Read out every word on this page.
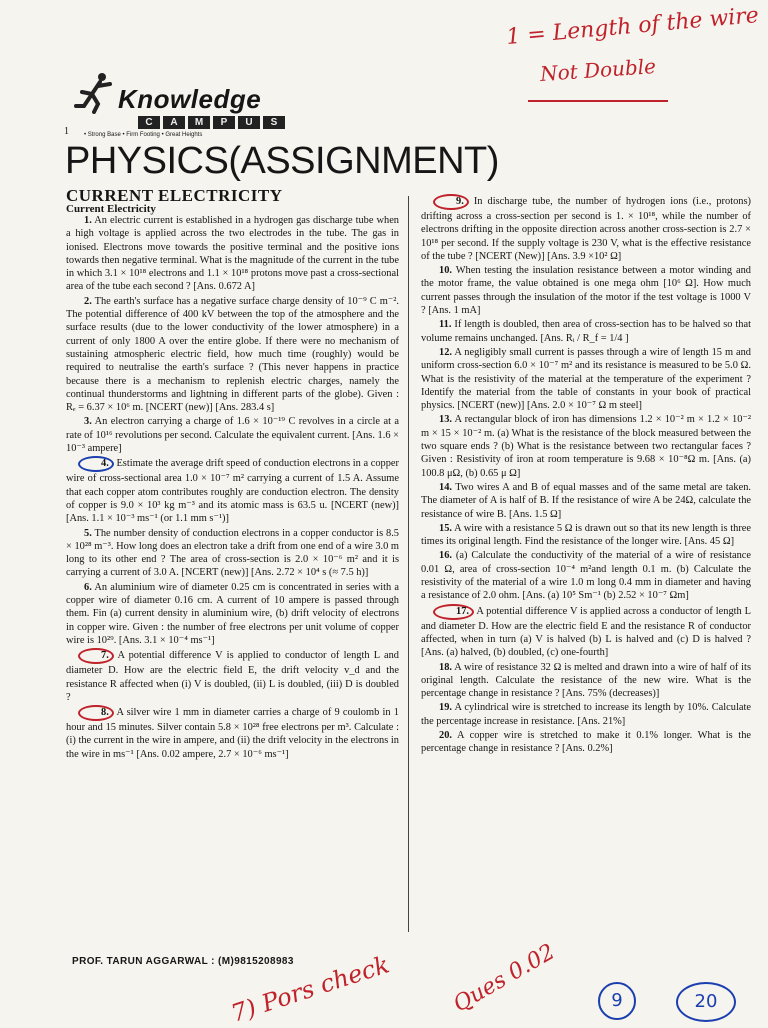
1 = Length of the wire
Not Double
Knowledge
C	A	M	P	U	S
• Strong Base • Firm Footing • Great Heights
1
PHYSICS(ASSIGNMENT)
CURRENT ELECTRICITY
Current Electricity

1. An electric current is established in a hydrogen gas discharge tube when a high voltage is applied across the two electrodes in the tube. The gas in ionised. Electrons move towards the positive terminal and the positive ions towards then negative terminal. What is the magnitude of the current in the tube in which 3.1 × 10¹⁸ electrons and 1.1 × 10¹⁸ protons move past a cross-sectional area of the tube each second ? [Ans. 0.672 A]

2. The earth's surface has a negative surface charge density of 10⁻⁹ C m⁻². The potential difference of 400 kV between the top of the atmosphere and the surface results (due to the lower conductivity of the lower atmosphere) in a current of only 1800 A over the entire globe. If there were no mechanism of sustaining atmospheric electric field, how much time (roughly) would be required to neutralise the earth's surface ? (This never happens in practice because there is a mechanism to replenish electric charges, namely the continual thunderstorms and lightning in different parts of the globe). Given : Rₑ = 6.37 × 10⁶ m. [NCERT (new)] [Ans. 283.4 s]

3. An electron carrying a charge of 1.6 × 10⁻¹⁹ C revolves in a circle at a rate of 10¹⁶ revolutions per second. Calculate the equivalent current. [Ans. 1.6 × 10⁻³ ampere]

4. Estimate the average drift speed of conduction electrons in a copper wire of cross-sectional area 1.0 × 10⁻⁷ m² carrying a current of 1.5 A. Assume that each copper atom contributes roughly are conduction electron. The density of copper is 9.0 × 10³ kg m⁻³ and its atomic mass is 63.5 u. [NCERT (new)] [Ans. 1.1 × 10⁻³ ms⁻¹ (or 1.1 mm s⁻¹)]

5. The number density of conduction electrons in a copper conductor is 8.5 × 10²⁸ m⁻³. How long does an electron take a drift from one end of a wire 3.0 m long to its other end ? The area of cross-section is 2.0 × 10⁻⁶ m² and it is carrying a current of 3.0 A. [NCERT (new)] [Ans. 2.72 × 10⁴ s (≈ 7.5 h)]

6. An aluminium wire of diameter 0.25 cm is concentrated in series with a copper wire of diameter 0.16 cm. A current of 10 ampere is passed through them. Fin (a) current density in aluminium wire, (b) drift velocity of electrons in copper wire. Given : the number of free electrons per unit volume of copper wire is 10²⁹. [Ans. 3.1 × 10⁻⁴ ms⁻¹]

7. A potential difference V is applied to conductor of length L and diameter D. How are the electric field E, the drift velocity v_d and the resistance R affected when (i) V is doubled, (ii) L is doubled, (iii) D is doubled ?

8. A silver wire 1 mm in diameter carries a charge of 9 coulomb in 1 hour and 15 minutes. Silver contain 5.8 × 10²⁸ free electrons per m³. Calculate : (i) the current in the wire in ampere, and (ii) the drift velocity in the electrons in the wire in ms⁻¹ [Ans. 0.02 ampere, 2.7 × 10⁻⁶ ms⁻¹]

9. In discharge tube, the number of hydrogen ions (i.e., protons) drifting across a cross-section per second is 1. × 10¹⁸, while the number of electrons drifting in the opposite direction across another cross-section is 2.7 × 10¹⁸ per second. If the supply voltage is 230 V, what is the effective resistance of the tube ? [NCERT (New)] [Ans. 3.9 ×10² Ω]

10. When testing the insulation resistance between a motor winding and the motor frame, the value obtained is one mega ohm [10⁶ Ω]. How much current passes through the insulation of the motor if the test voltage is 1000 V ? [Ans. 1 mA]

11. If length is doubled, then area of cross-section has to be halved so that volume remains unchanged. [Ans. Rᵢ / R_f = 1/4 ]

12. A negligibly small current is passes through a wire of length 15 m and uniform cross-section 6.0 × 10⁻⁷ m² and its resistance is measured to be 5.0 Ω. What is the resistivity of the material at the temperature of the experiment ? Identify the material from the table of constants in your book of practical physics. [NCERT (new)] [Ans. 2.0 × 10⁻⁷ Ω m steel]

13. A rectangular block of iron has dimensions 1.2 × 10⁻² m × 1.2 × 10⁻² m × 15 × 10⁻² m. (a) What is the resistance of the block measured between the two square ends ? (b) What is the resistance between two rectangular faces ? Given : Resistivity of iron at room temperature is 9.68 × 10⁻⁸Ω m. [Ans. (a) 100.8 μΩ, (b) 0.65 μ Ω]

14. Two wires A and B of equal masses and of the same metal are taken. The diameter of A is half of B. If the resistance of wire A be 24Ω, calculate the resistance of wire B. [Ans. 1.5 Ω]

15. A wire with a resistance 5 Ω is drawn out so that its new length is three times its original length. Find the resistance of the longer wire. [Ans. 45 Ω]

16. (a) Calculate the conductivity of the material of a wire of resistance 0.01 Ω, area of cross-section 10⁻⁴ m²and length 0.1 m. (b) Calculate the resistivity of the material of a wire 1.0 m long 0.4 mm in diameter and having a resistance of 2.0 ohm. [Ans. (a) 10⁵ Sm⁻¹ (b) 2.52 × 10⁻⁷ Ωm]

17. A potential difference V is applied across a conductor of length L and diameter D. How are the electric field E and the resistance R of conductor affected, when in turn (a) V is halved (b) L is halved and (c) D is halved ? [Ans. (a) halved, (b) doubled, (c) one-fourth]

18. A wire of resistance 32 Ω is melted and drawn into a wire of half of its original length. Calculate the resistance of the new wire. What is the percentage change in resistance ? [Ans. 75% (decreases)]

19. A cylindrical wire is stretched to increase its length by 10%. Calculate the percentage increase in resistance. [Ans. 21%]

20. A copper wire is stretched to make it 0.1% longer. What is the percentage change in resistance ? [Ans. 0.2%]

PROF. TARUN AGGARWAL : (M)9815208983
7) Pors check	Ques 0.02	9	20
